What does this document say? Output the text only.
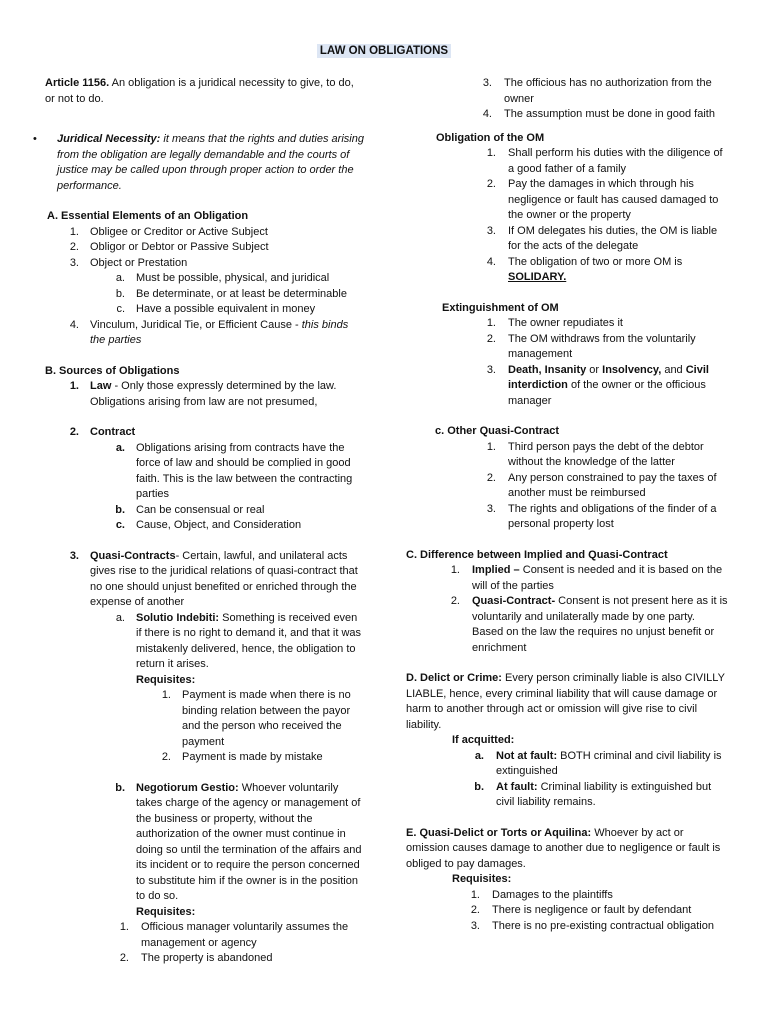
LAW ON OBLIGATIONS

Article 1156. An obligation is a juridical necessity to give, to do, or not to do.

•	Juridical Necessity: it means that the rights and duties arising from the obligation are legally demandable and the courts of justice may be called upon through proper action to order the performance.

A. Essential Elements of an Obligation

1.	Obligee or Creditor or Active Subject
2.	Obligor or Debtor or Passive Subject
3.	Object or Prestation
a.	Must be possible, physical, and juridical
b.	Be determinate, or at least be determinable
c.	Have a possible equivalent in money
4.	Vinculum, Juridical Tie, or Efficient Cause - this binds the parties

B. Sources of Obligations

1.	Law - Only those expressly determined by the law. Obligations arising from law are not presumed,
2.	Contract
a.	Obligations arising from contracts have the force of law and should be complied in good faith. This is the law between the contracting parties
b.	Can be consensual or real
c.	Cause, Object, and Consideration
3.	Quasi-Contracts- Certain, lawful, and unilateral acts gives rise to the juridical relations of quasi-contract that no one should unjust benefited or enriched through the expense of another
a.	Solutio Indebiti: Something is received even if there is no right to demand it, and that it was mistakenly delivered, hence, the obligation to return it arises.
Requisites:
1.	Payment is made when there is no binding relation between the payor and the person who received the payment
2.	Payment is made by mistake
b.	Negotiorum Gestio: Whoever voluntarily takes charge of the agency or management of the business or property, without the authorization of the owner must continue in doing so until the termination of the affairs and its incident or to require the person concerned to substitute him if the owner is in the position to do so.
Requisites:
1.	Officious manager voluntarily assumes the management or agency
2.	The property is abandoned
3.	The officious has no authorization from the owner
4.	The assumption must be done in good faith

Obligation of the OM

1.	Shall perform his duties with the diligence of a good father of a family
2.	Pay the damages in which through his negligence or fault has caused damaged to the owner or the property
3.	If OM delegates his duties, the OM is liable for the acts of the delegate
4.	The obligation of two or more OM is
SOLIDARY.

Extinguishment of OM

1.	The owner repudiates it
2.	The OM withdraws from the voluntarily management
3.	Death, Insanity or Insolvency, and Civil interdiction of the owner or the officious manager

c. Other Quasi-Contract

1.	Third person pays the debt of the debtor without the knowledge of the latter
2.	Any person constrained to pay the taxes of another must be reimbursed
3.	The rights and obligations of the finder of a personal property lost

C. Difference between Implied and Quasi-Contract

1.	Implied – Consent is needed and it is based on the will of the parties
2.	Quasi-Contract- Consent is not present here as it is voluntarily and unilaterally made by one party. Based on the law the requires no unjust benefit or enrichment

D. Delict or Crime: Every person criminally liable is also CIVILLY LIABLE, hence, every criminal liability that will cause damage or harm to another through act or omission will give rise to civil liability.

If acquitted:

a.	Not at fault: BOTH criminal and civil liability is extinguished
b.	At fault: Criminal liability is extinguished but civil liability remains.

E. Quasi-Delict or Torts or Aquilina: Whoever by act or omission causes damage to another due to negligence or fault is obliged to pay damages.

Requisites:

1.	Damages to the plaintiffs
2.	There is negligence or fault by defendant
3.	There is no pre-existing contractual obligation
